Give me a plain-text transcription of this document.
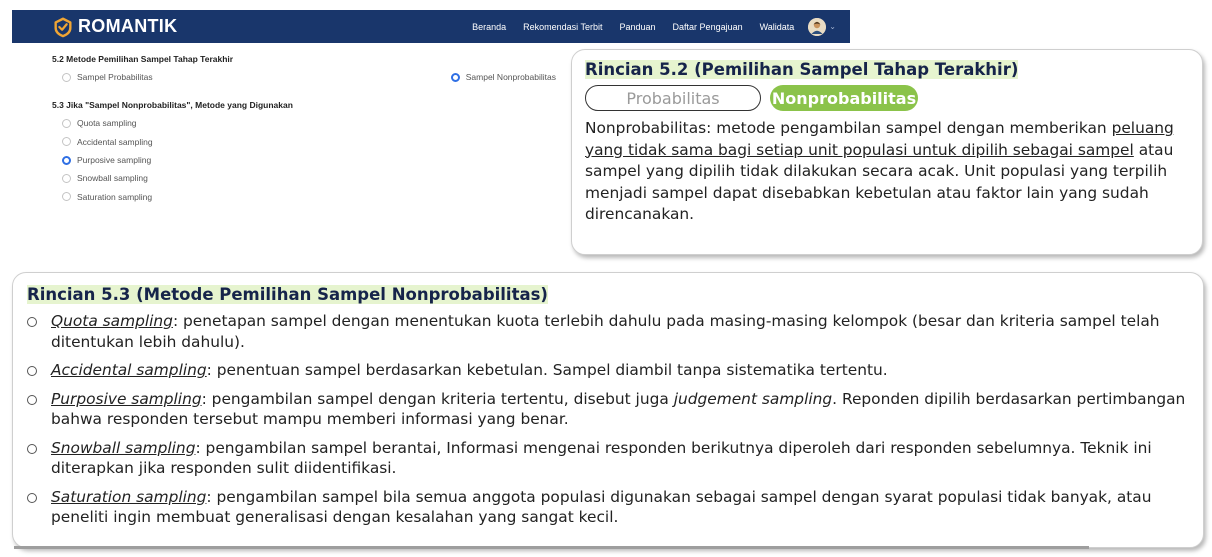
ROMANTIK	Beranda Rekomendasi Terbit Panduan Daftar Pengajuan Walidata	⌄
5.2 Metode Pemilihan Sampel Tahap Terakhir
Sampel Probabilitas	Sampel Nonprobabilitas
5.3 Jika "Sampel Nonprobabilitas", Metode yang Digunakan
Quota sampling
Accidental sampling
Purposive sampling
Snowball sampling
Saturation sampling
Rincian 5.2 (Pemilihan Sampel Tahap Terakhir)
Probabilitas	Nonprobabilitas
Nonprobabilitas: metode pengambilan sampel dengan memberikan peluang yang tidak sama bagi setiap unit populasi untuk dipilih sebagai sampel atau sampel yang dipilih tidak dilakukan secara acak. Unit populasi yang terpilih menjadi sampel dapat disebabkan kebetulan atau faktor lain yang sudah direncanakan.
Rincian 5.3 (Metode Pemilihan Sampel Nonprobabilitas)
Quota sampling: penetapan sampel dengan menentukan kuota terlebih dahulu pada masing-masing kelompok (besar dan kriteria sampel telah ditentukan lebih dahulu).
Accidental sampling: penentuan sampel berdasarkan kebetulan. Sampel diambil tanpa sistematika tertentu.
Purposive sampling: pengambilan sampel dengan kriteria tertentu, disebut juga judgement sampling. Reponden dipilih berdasarkan pertimbangan bahwa responden tersebut mampu memberi informasi yang benar.
Snowball sampling: pengambilan sampel berantai, Informasi mengenai responden berikutnya diperoleh dari responden sebelumnya. Teknik ini diterapkan jika responden sulit diidentifikasi.
Saturation sampling: pengambilan sampel bila semua anggota populasi digunakan sebagai sampel dengan syarat populasi tidak banyak, atau peneliti ingin membuat generalisasi dengan kesalahan yang sangat kecil.
